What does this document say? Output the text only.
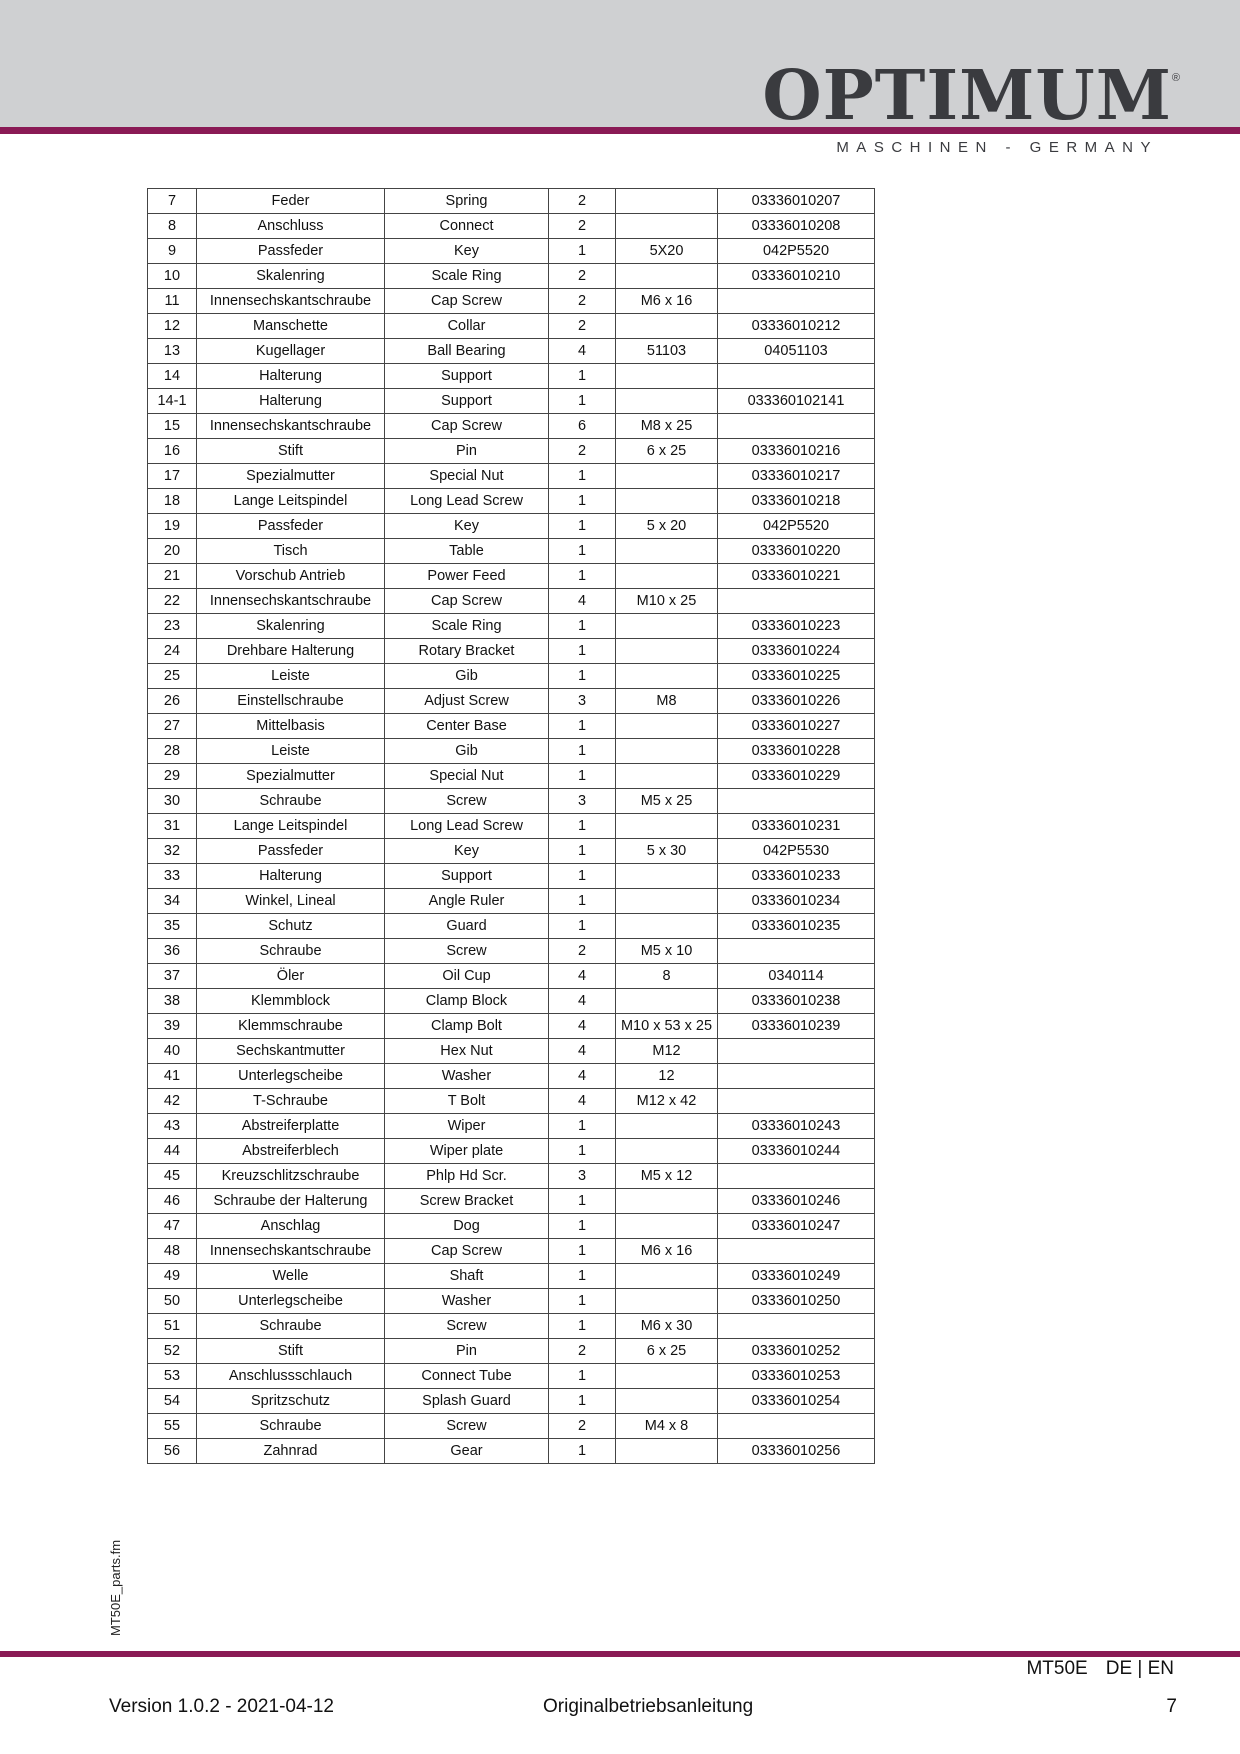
OPTIMUM ®
MASCHINEN - GERMANY
7	Feder	Spring	2		03336010207
8	Anschluss	Connect	2		03336010208
9	Passfeder	Key	1	5X20	042P5520
10	Skalenring	Scale Ring	2		03336010210
11	Innensechskantschraube	Cap Screw	2	M6 x 16	
12	Manschette	Collar	2		03336010212
13	Kugellager	Ball Bearing	4	51103	04051103
14	Halterung	Support	1		
14-1	Halterung	Support	1		033360102141
15	Innensechskantschraube	Cap Screw	6	M8 x 25	
16	Stift	Pin	2	6 x 25	03336010216
17	Spezialmutter	Special Nut	1		03336010217
18	Lange Leitspindel	Long Lead Screw	1		03336010218
19	Passfeder	Key	1	5 x 20	042P5520
20	Tisch	Table	1		03336010220
21	Vorschub Antrieb	Power Feed	1		03336010221
22	Innensechskantschraube	Cap Screw	4	M10 x 25	
23	Skalenring	Scale Ring	1		03336010223
24	Drehbare Halterung	Rotary Bracket	1		03336010224
25	Leiste	Gib	1		03336010225
26	Einstellschraube	Adjust Screw	3	M8	03336010226
27	Mittelbasis	Center Base	1		03336010227
28	Leiste	Gib	1		03336010228
29	Spezialmutter	Special Nut	1		03336010229
30	Schraube	Screw	3	M5 x 25	
31	Lange Leitspindel	Long Lead Screw	1		03336010231
32	Passfeder	Key	1	5 x 30	042P5530
33	Halterung	Support	1		03336010233
34	Winkel, Lineal	Angle Ruler	1		03336010234
35	Schutz	Guard	1		03336010235
36	Schraube	Screw	2	M5 x 10	
37	Öler	Oil Cup	4	8	0340114
38	Klemmblock	Clamp Block	4		03336010238
39	Klemmschraube	Clamp Bolt	4	M10 x 53 x 25	03336010239
40	Sechskantmutter	Hex Nut	4	M12	
41	Unterlegscheibe	Washer	4	12	
42	T-Schraube	T Bolt	4	M12 x 42	
43	Abstreiferplatte	Wiper	1		03336010243
44	Abstreiferblech	Wiper plate	1		03336010244
45	Kreuzschlitzschraube	Phlp Hd Scr.	3	M5 x 12	
46	Schraube der Halterung	Screw Bracket	1		03336010246
47	Anschlag	Dog	1		03336010247
48	Innensechskantschraube	Cap Screw	1	M6 x 16	
49	Welle	Shaft	1		03336010249
50	Unterlegscheibe	Washer	1		03336010250
51	Schraube	Screw	1	M6 x 30	
52	Stift	Pin	2	6 x 25	03336010252
53	Anschlussschlauch	Connect Tube	1		03336010253
54	Spritzschutz	Splash Guard	1		03336010254
55	Schraube	Screw	2	M4 x 8	
56	Zahnrad	Gear	1		03336010256
MT50E_parts.fm
MT50E DE | EN
Version 1.0.2 - 2021-04-12	Originalbetriebsanleitung	7
